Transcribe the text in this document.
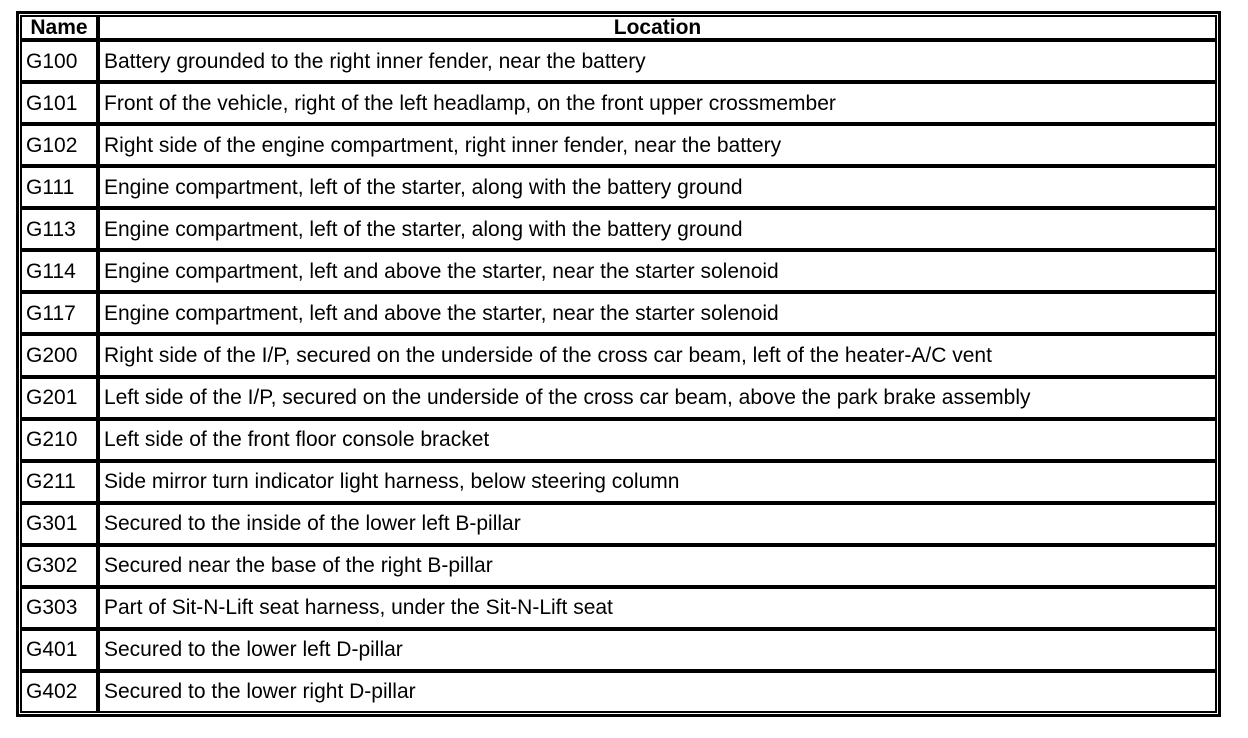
Name	Location
G100	Battery grounded to the right inner fender, near the battery
G101	Front of the vehicle, right of the left headlamp, on the front upper crossmember
G102	Right side of the engine compartment, right inner fender, near the battery
G111	Engine compartment, left of the starter, along with the battery ground
G113	Engine compartment, left of the starter, along with the battery ground
G114	Engine compartment, left and above the starter, near the starter solenoid
G117	Engine compartment, left and above the starter, near the starter solenoid
G200	Right side of the I/P, secured on the underside of the cross car beam, left of the heater-A/C vent
G201	Left side of the I/P, secured on the underside of the cross car beam, above the park brake assembly
G210	Left side of the front floor console bracket
G211	Side mirror turn indicator light harness, below steering column
G301	Secured to the inside of the lower left B-pillar
G302	Secured near the base of the right B-pillar
G303	Part of Sit-N-Lift seat harness, under the Sit-N-Lift seat
G401	Secured to the lower left D-pillar
G402	Secured to the lower right D-pillar
